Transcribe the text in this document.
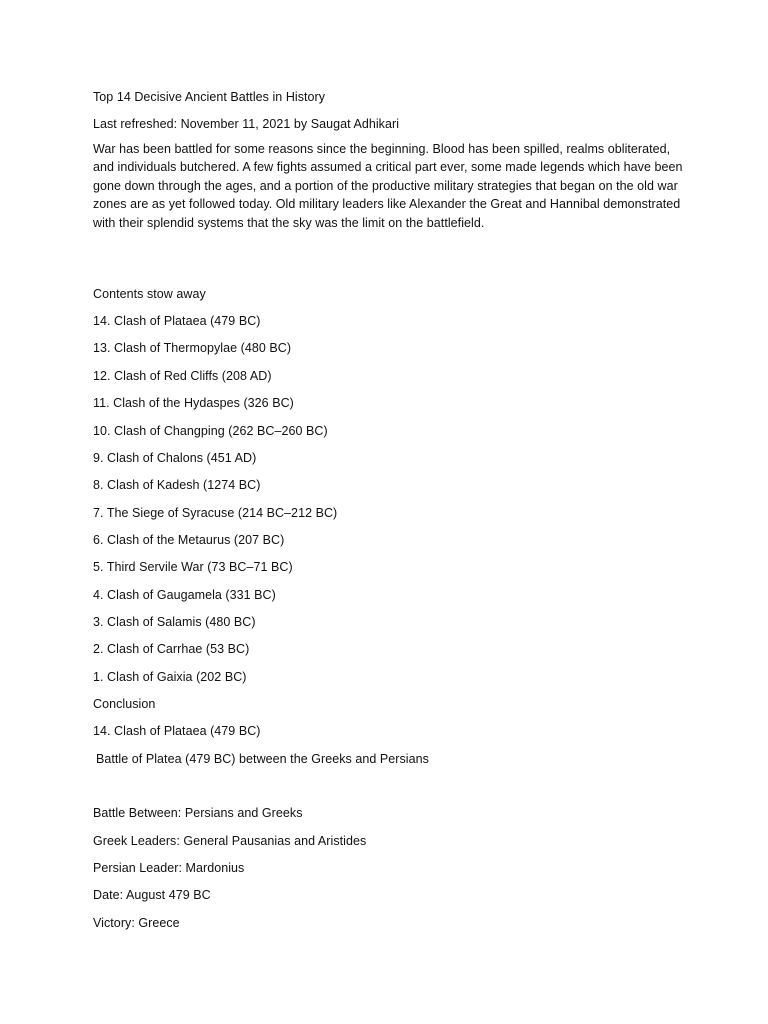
Top 14 Decisive Ancient Battles in History
Last refreshed: November 11, 2021 by Saugat Adhikari
War has been battled for some reasons since the beginning. Blood has been spilled, realms obliterated, and individuals butchered. A few fights assumed a critical part ever, some made legends which have been gone down through the ages, and a portion of the productive military strategies that began on the old war zones are as yet followed today. Old military leaders like Alexander the Great and Hannibal demonstrated with their splendid systems that the sky was the limit on the battlefield.
Contents stow away
14. Clash of Plataea (479 BC)
13. Clash of Thermopylae (480 BC)
12. Clash of Red Cliffs (208 AD)
11. Clash of the Hydaspes (326 BC)
10. Clash of Changping (262 BC–260 BC)
9. Clash of Chalons (451 AD)
8. Clash of Kadesh (1274 BC)
7. The Siege of Syracuse (214 BC–212 BC)
6. Clash of the Metaurus (207 BC)
5. Third Servile War (73 BC–71 BC)
4. Clash of Gaugamela (331 BC)
3. Clash of Salamis (480 BC)
2. Clash of Carrhae (53 BC)
1. Clash of Gaixia (202 BC)
Conclusion
14. Clash of Plataea (479 BC)
Battle of Platea (479 BC) between the Greeks and Persians
Battle Between: Persians and Greeks
Greek Leaders: General Pausanias and Aristides
Persian Leader: Mardonius
Date: August 479 BC
Victory: Greece
